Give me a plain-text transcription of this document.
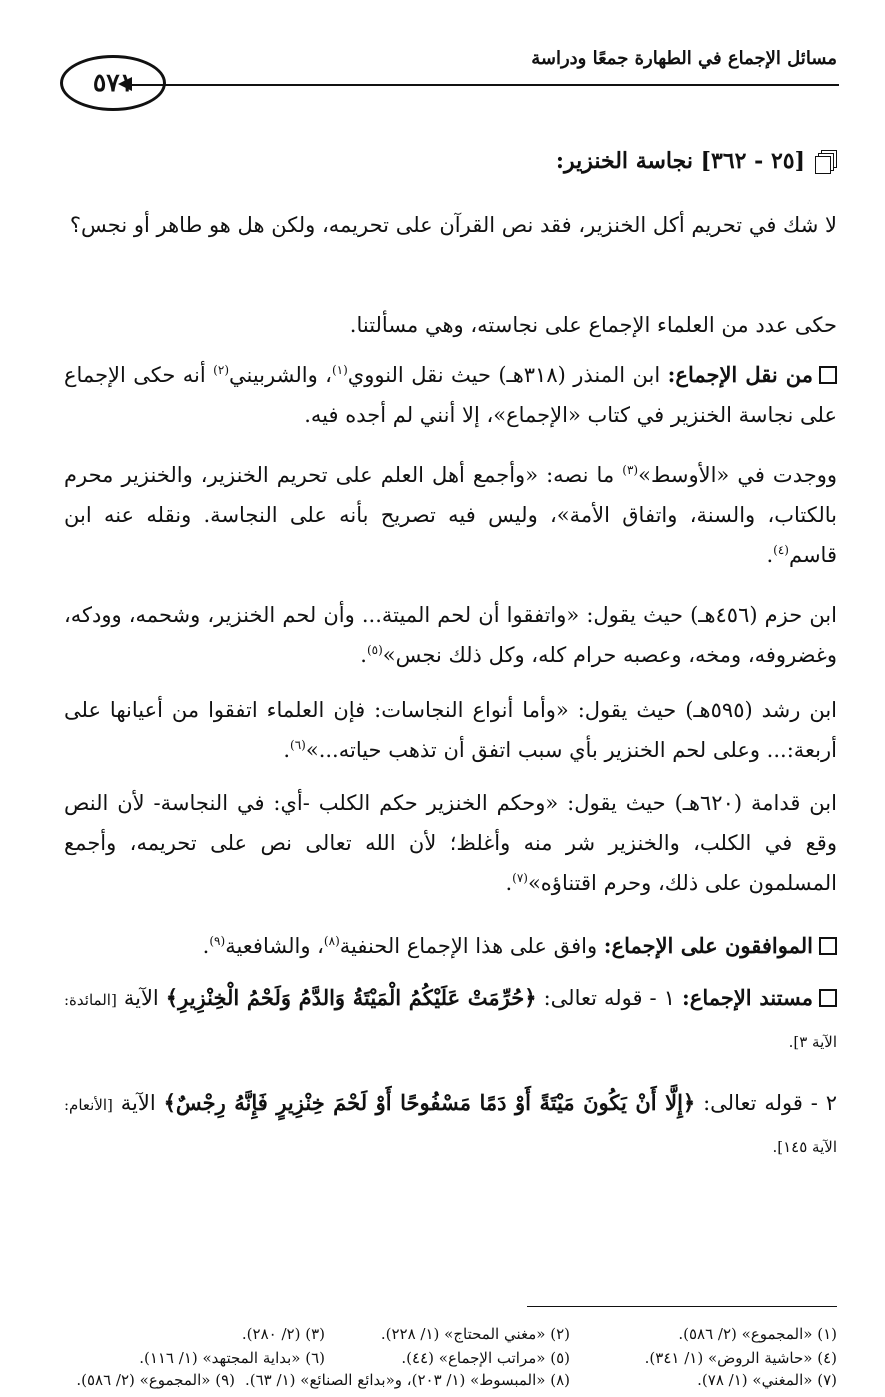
مسائل الإجماع في الطهارة جمعًا ودراسة
٥٧١
[٢٥ - ٣٦٢] نجاسة الخنزير:
لا شك في تحريم أكل الخنزير، فقد نص القرآن على تحريمه، ولكن هل هو طاهر أو نجس؟
حكى عدد من العلماء الإجماع على نجاسته، وهي مسألتنا.
من نقل الإجماع: ابن المنذر (٣١٨هـ) حيث نقل النووي$^{(١)}$، والشربيني$^{(٢)}$ أنه حكى الإجماع على نجاسة الخنزير في كتاب «الإجماع»، إلا أنني لم أجده فيه.
ووجدت في «الأوسط»$^{(٣)}$ ما نصه: «وأجمع أهل العلم على تحريم الخنزير، والخنزير محرم بالكتاب، والسنة، واتفاق الأمة»، وليس فيه تصريح بأنه على النجاسة. ونقله عنه ابن قاسم$^{(٤)}$.
ابن حزم (٤٥٦هـ) حيث يقول: «واتفقوا أن لحم الميتة... وأن لحم الخنزير، وشحمه، وودكه، وغضروفه، ومخه، وعصبه حرام كله، وكل ذلك نجس»$^{(٥)}$.
ابن رشد (٥٩٥هـ) حيث يقول: «وأما أنواع النجاسات: فإن العلماء اتفقوا من أعيانها على أربعة:... وعلى لحم الخنزير بأي سبب اتفق أن تذهب حياته...»$^{(٦)}$.
ابن قدامة (٦٢٠هـ) حيث يقول: «وحكم الخنزير حكم الكلب -أي: في النجاسة- لأن النص وقع في الكلب، والخنزير شر منه وأغلظ؛ لأن الله تعالى نص على تحريمه، وأجمع المسلمون على ذلك، وحرم اقتناؤه»$^{(٧)}$.
الموافقون على الإجماع: وافق على هذا الإجماع الحنفية$^{(٨)}$، والشافعية$^{(٩)}$.
مستند الإجماع: ١ - قوله تعالى: ﴿حُرِّمَتْ عَلَيْكُمُ الْمَيْتَةُ وَالدَّمُ وَلَحْمُ الْخِنْزِيرِ﴾ الآية [المائدة: الآية ٣].
٢ - قوله تعالى: ﴿إِلَّا أَنْ يَكُونَ مَيْتَةً أَوْ دَمًا مَسْفُوحًا أَوْ لَحْمَ خِنْزِيرٍ فَإِنَّهُ رِجْسٌ﴾ الآية [الأنعام: الآية ١٤٥].
(١) «المجموع» (٢/ ٥٨٦).
(٢) «مغني المحتاج» (١/ ٢٢٨).
(٣) (٢/ ٢٨٠).
(٤) «حاشية الروض» (١/ ٣٤١).
(٥) «مراتب الإجماع» (٤٤).
(٦) «بداية المجتهد» (١/ ١١٦).
(٧) «المغني» (١/ ٧٨).
(٨) «المبسوط» (١/ ٢٠٣)، و«بدائع الصنائع» (١/ ٦٣).
(٩) «المجموع» (٢/ ٥٨٦).
